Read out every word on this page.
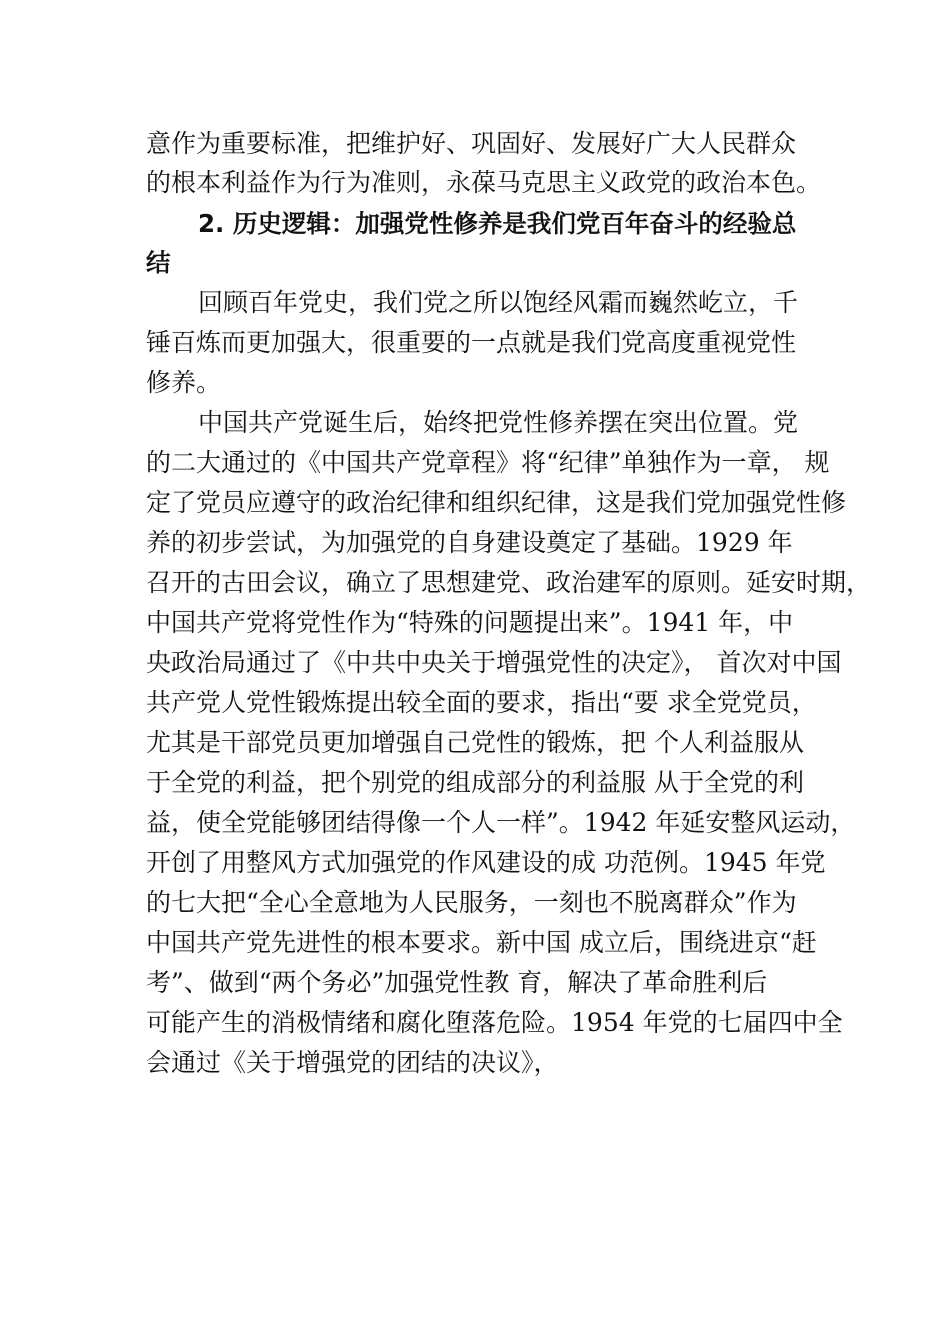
意作为重要标准，把维护好、巩固好、发展好广大人民群众
的根本利益作为行为准则，永葆马克思主义政党的政治本色。
2. 历史逻辑：加强党性修养是我们党百年奋斗的经验总
结
回顾百年党史，我们党之所以饱经风霜而巍然屹立，千
锤百炼而更加强大，很重要的一点就是我们党高度重视党性
修养。
中国共产党诞生后，始终把党性修养摆在突出位置。党
的二大通过的《中国共产党章程》将“纪律”单独作为一章， 规
定了党员应遵守的政治纪律和组织纪律，这是我们党加强党性修
养的初步尝试，为加强党的自身建设奠定了基础。1929 年
召开的古田会议，确立了思想建党、政治建军的原则。延安时期，
中国共产党将党性作为“特殊的问题提出来”。1941 年，中
央政治局通过了《中共中央关于增强党性的决定》， 首次对中国
共产党人党性锻炼提出较全面的要求，指出“要 求全党党员，
尤其是干部党员更加增强自己党性的锻炼，把 个人利益服从
于全党的利益，把个别党的组成部分的利益服 从于全党的利
益，使全党能够团结得像一个人一样”。1942 年延安整风运动，
开创了用整风方式加强党的作风建设的成 功范例。1945 年党
的七大把“全心全意地为人民服务，一刻也不脱离群众”作为
中国共产党先进性的根本要求。新中国 成立后，围绕进京“赶
考”、做到“两个务必”加强党性教 育，解决了革命胜利后
可能产生的消极情绪和腐化堕落危险。1954 年党的七届四中全
会通过《关于增强党的团结的决议》，
